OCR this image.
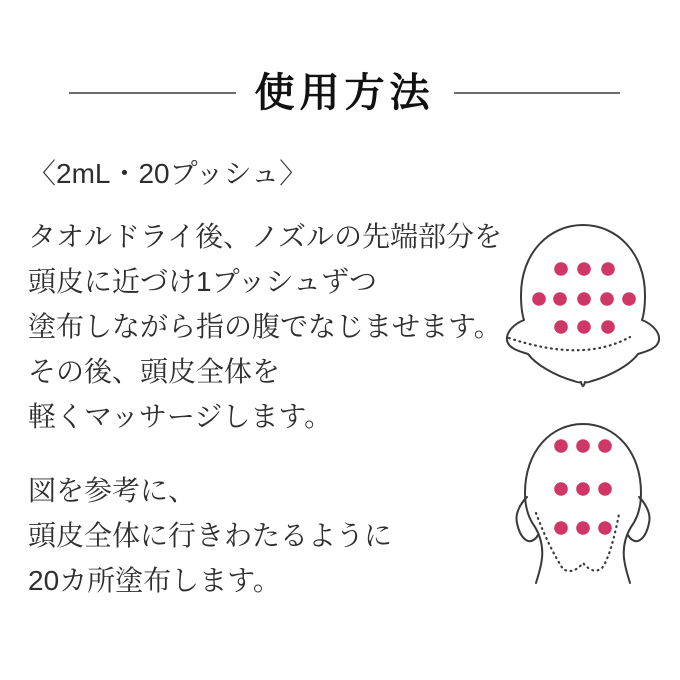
使用方法
〈2mL・20プッシュ〉
タオルドライ後、ノズルの先端部分を
頭皮に近づけ1プッシュずつ
塗布しながら指の腹でなじませます。
その後、頭皮全体を
軽くマッサージします。
図を参考に、
頭皮全体に行きわたるように
20カ所塗布します。
